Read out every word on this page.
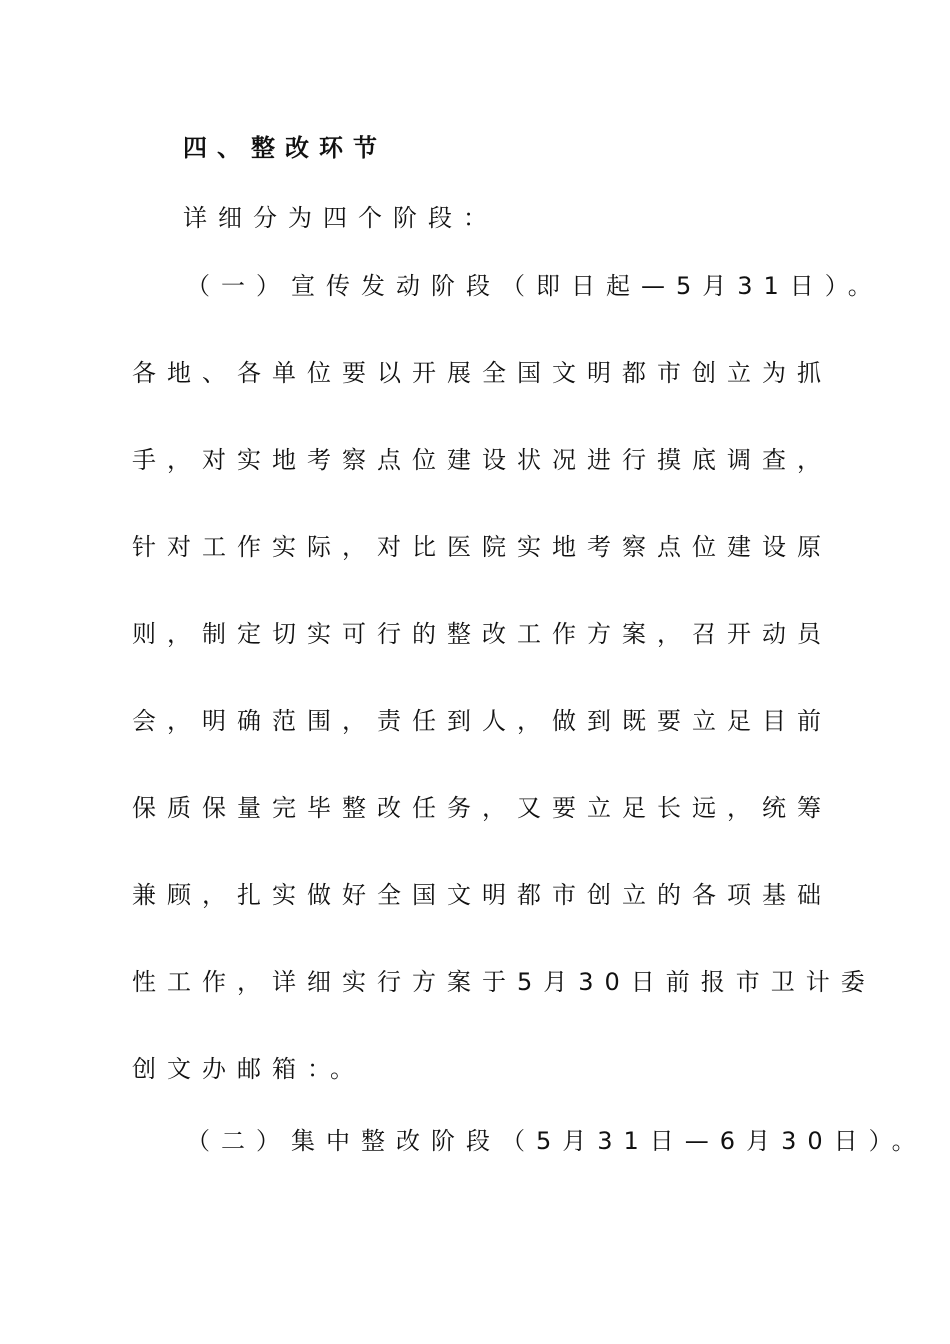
四、整改环节
详细分为四个阶段：
（一）宣传发动阶段（即日起—5月31日）。
各地、各单位要以开展全国文明都市创立为抓
手，对实地考察点位建设状况进行摸底调查，
针对工作实际，对比医院实地考察点位建设原
则，制定切实可行的整改工作方案，召开动员
会，明确范围，责任到人，做到既要立足目前
保质保量完毕整改任务，又要立足长远，统筹
兼顾，扎实做好全国文明都市创立的各项基础
性工作，详细实行方案于5月30日前报市卫计委
创文办邮箱：。
（二）集中整改阶段（5月31日—6月30日）。
